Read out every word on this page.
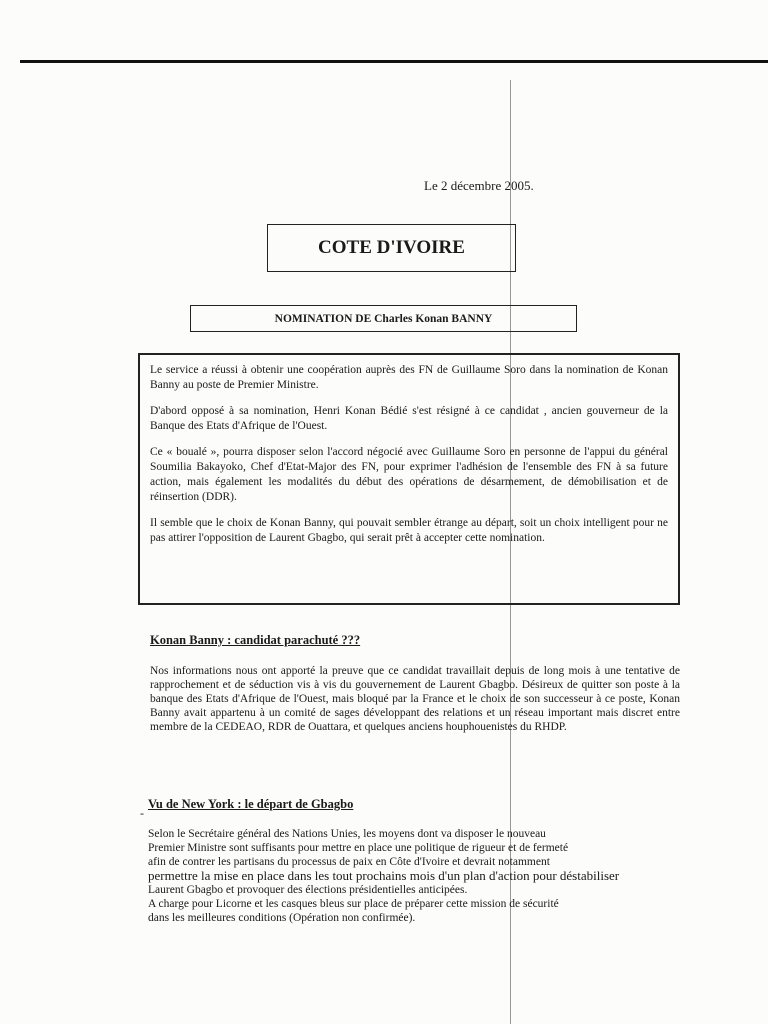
Le 2 décembre 2005.
COTE D'IVOIRE
NOMINATION DE Charles Konan BANNY

Le service a réussi à obtenir une coopération auprès des FN de Guillaume Soro dans la nomination de Konan Banny au poste de Premier Ministre.

D'abord opposé à sa nomination, Henri Konan Bédié s'est résigné à ce candidat , ancien gouverneur de la Banque des Etats d'Afrique de l'Ouest.

Ce « boualé », pourra disposer selon l'accord négocié avec Guillaume Soro en personne de l'appui du général Soumilia Bakayoko, Chef d'Etat-Major des FN, pour exprimer l'adhésion de l'ensemble des FN à sa future action, mais également les modalités du début des opérations de désarmement, de démobilisation et de réinsertion (DDR).

Il semble que le choix de Konan Banny, qui pouvait sembler étrange au départ, soit un choix intelligent pour ne pas attirer l'opposition de Laurent Gbagbo, qui serait prêt à accepter cette nomination.

Konan Banny : candidat parachuté ???

Nos informations nous ont apporté la preuve que ce candidat travaillait depuis de long mois à une tentative de rapprochement et de séduction vis à vis du gouvernement de Laurent Gbagbo. Désireux de quitter son poste à la banque des Etats d'Afrique de l'Ouest, mais bloqué par la France et le choix de son successeur à ce poste, Konan Banny avait appartenu à un comité de sages développant des relations et un réseau important mais discret entre membre de la CEDEAO, RDR de Ouattara, et quelques anciens houphouenistes du RHDP.

-
Vu de New York : le départ de Gbagbo

Selon le Secrétaire général des Nations Unies, les moyens dont va disposer le nouveau

Premier Ministre sont suffisants pour mettre en place une politique de rigueur et de fermeté

afin de contrer les partisans du processus de paix en Côte d'Ivoire et devrait notamment

permettre la mise en place dans les tout prochains mois d'un plan d'action pour déstabiliser

Laurent Gbagbo et provoquer des élections présidentielles anticipées.

A charge pour Licorne et les casques bleus sur place de préparer cette mission de sécurité

dans les meilleures conditions (Opération non confirmée).
